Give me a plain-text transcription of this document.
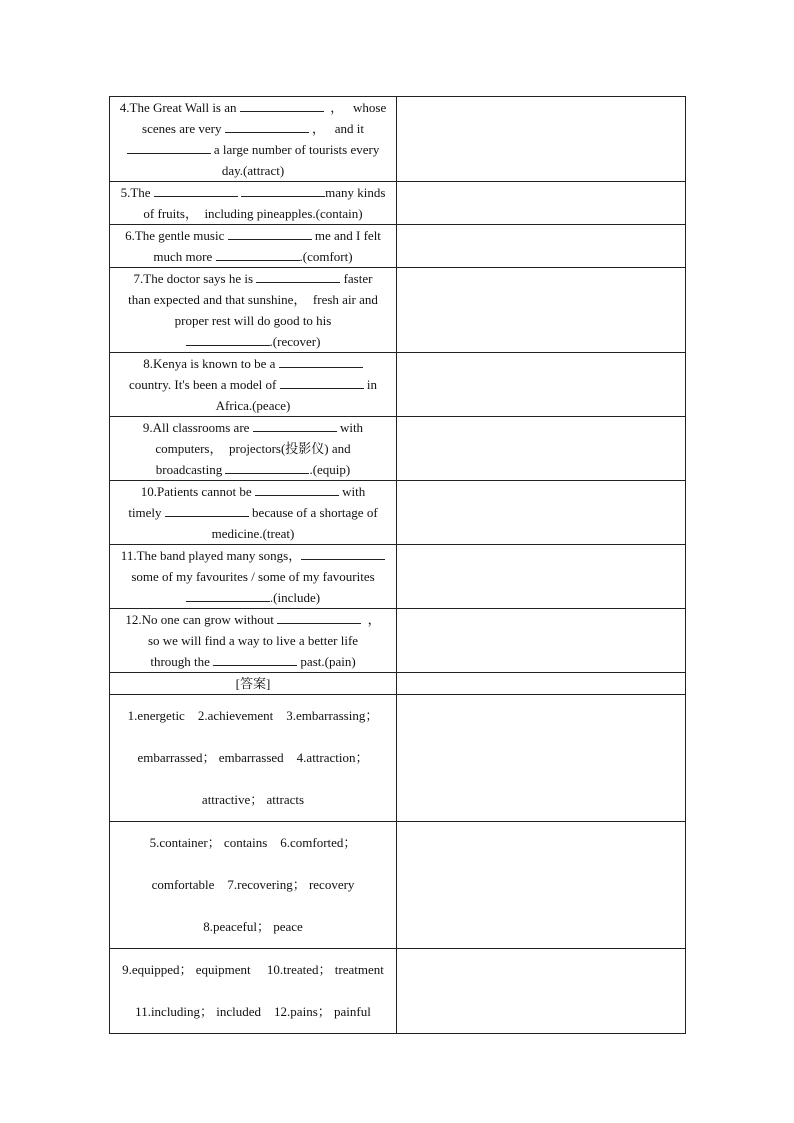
4.The Great Wall is an ，   whose
scenes are very ，   and it
a large number of tourists every
day.(attract)	

5.The many kinds
of fruits，  including pineapples.(contain)	

6.The gentle music me and I felt
much more .(comfort)	

7.The doctor says he is faster
than expected and that sunshine，  fresh air and
proper rest will do good to his
.(recover)	

8.Kenya is known to be a
country. It's been a model of in
Africa.(peace)	

9.All classrooms are with
computers，  projectors(投影仪) and
broadcasting .(equip)	

10.Patients cannot be with
timely because of a shortage of
medicine.(treat)	

11.The band played many songs，
some of my favourites / some of my favourites
.(include)	

12.No one can grow without ，
so we will find a way to live a better life
through the past.(pain)	

[答案]	

1.energetic    2.achievement    3.embarrassing；
embarrassed； embarrassed    4.attraction；
attractive； attracts	

5.container； contains    6.comforted；
comfortable    7.recovering； recovery
8.peaceful； peace	

9.equipped； equipment     10.treated； treatment
11.including； included    12.pains； painful	
